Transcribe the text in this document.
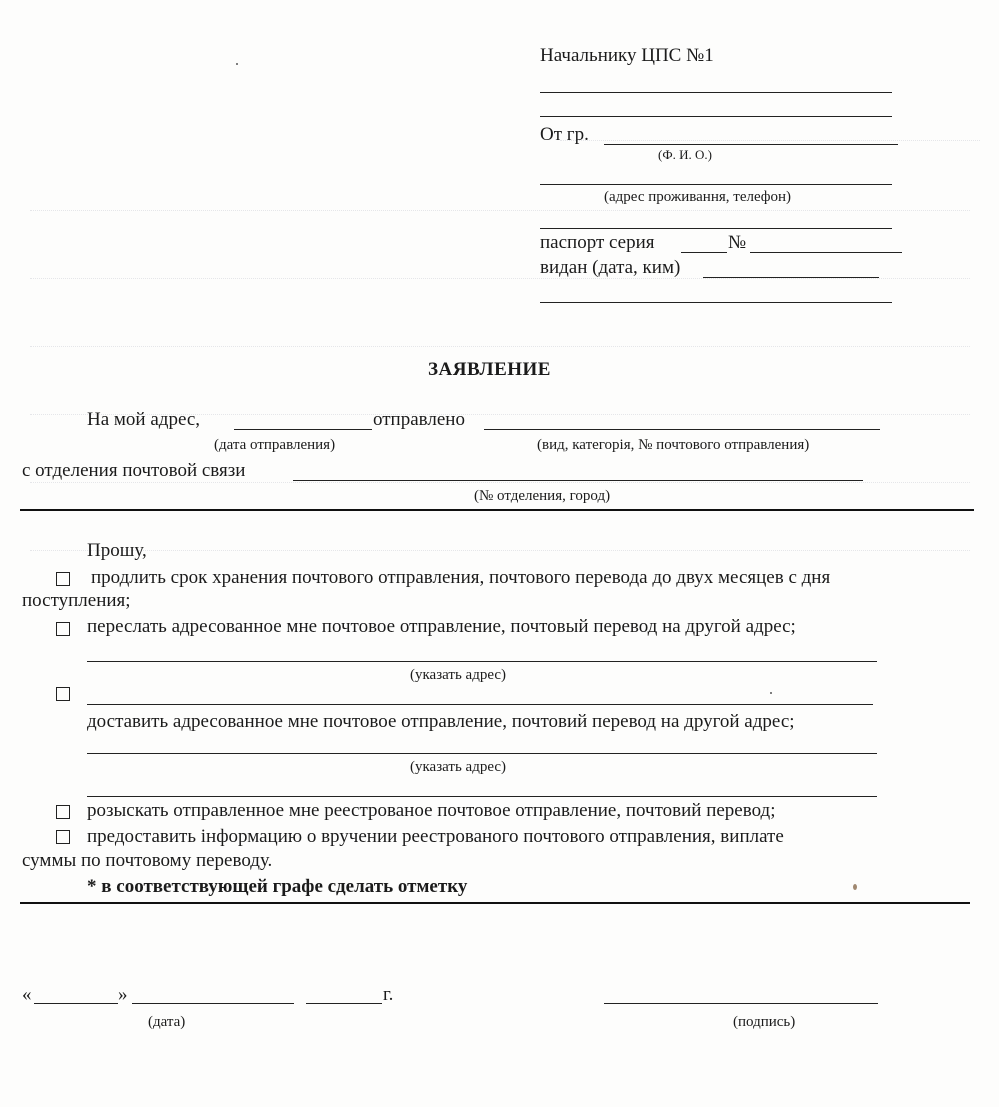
Начальнику ЦПС №1
От гр.
(Ф. И. О.)
(адрес проживання, телефон)
паспорт серия	№
видан (дата, ким)
ЗАЯВЛЕНИЕ
На мой адрес,	отправлено
(дата отправления)	(вид, категорія, № почтового отправления)
с отделения почтовой связи
(№ отделения, город)
Прошу,
продлить срок хранения почтового отправления, почтового перевода до двух месяцев с дня
поступления;
переслать адресованное мне почтовое отправление, почтовый перевод на другой адрес;
(указать адрес)
доставить адресованное мне почтовое отправление, почтовий перевод на другой адрес;
(указать адрес)
розыскать отправленное мне реестрованое почтовое отправление, почтовий перевод;
предоставить інформацию о вручении реестрованого почтового отправления, виплате
суммы по почтовому переводу.
* в соответствующей графе сделать отметку
«	»	г.
(дата)	(подпись)
